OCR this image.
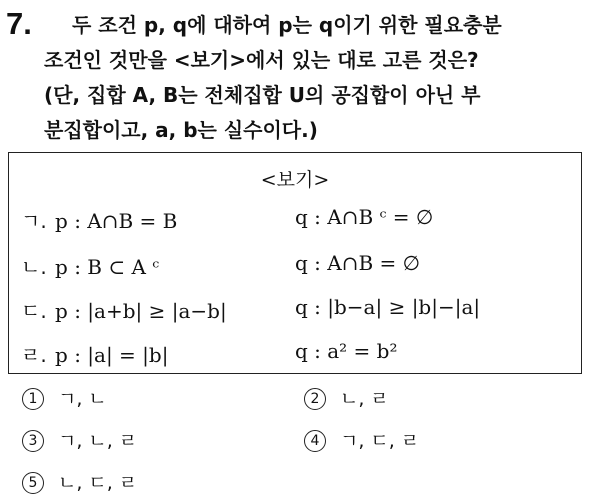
7.	두 조건 p, q에 대하여 p는 q이기 위한 필요충분
조건인 것만을 <보기>에서 있는 대로 고른 것은?
(단, 집합 A, B는 전체집합 U의 공집합이 아닌 부
분집합이고, a, b는 실수이다.)
<보기>
ㄱ. p : A∩B = B	q : A∩B ᶜ = ∅
ㄴ. p : B ⊂ A ᶜ	q : A∩B = ∅
ㄷ. p : |a+b| ≥ |a−b|	q : |b−a| ≥ |b|−|a|
ㄹ. p : |a| = |b|	q : a² = b²
1 ㄱ, ㄴ	2 ㄴ, ㄹ
3 ㄱ, ㄴ, ㄹ	4 ㄱ, ㄷ, ㄹ
5 ㄴ, ㄷ, ㄹ
